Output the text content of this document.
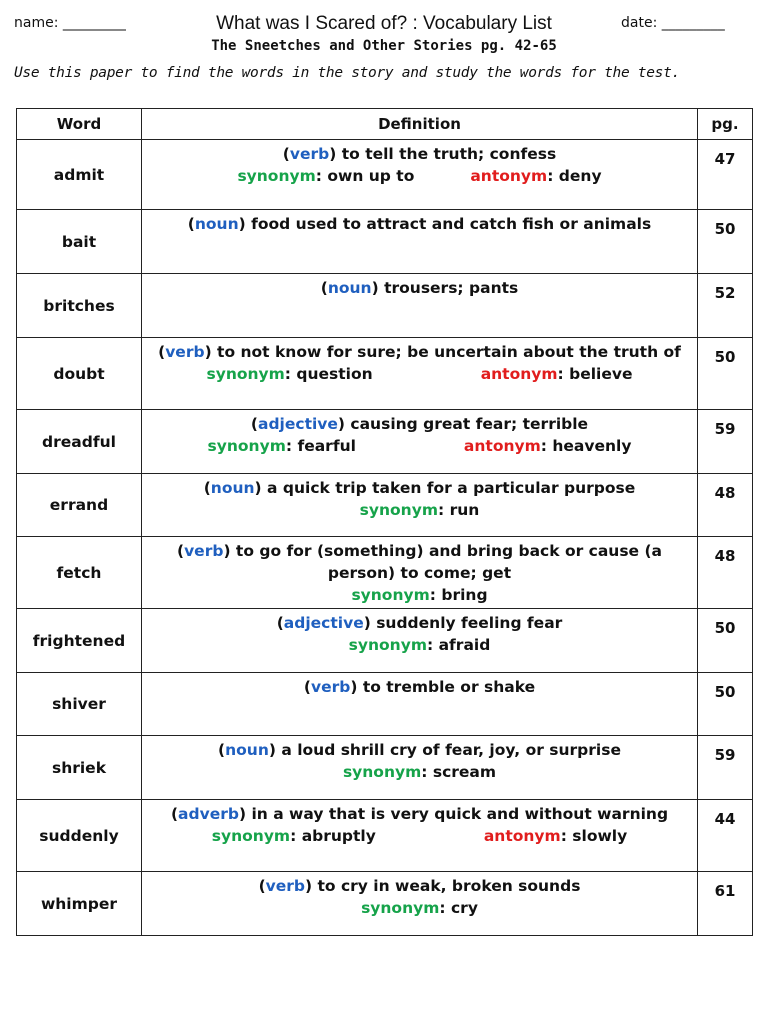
name: _________	What was I Scared of? : Vocabulary List	date: _________
The Sneetches and Other Stories pg. 42-65
Use this paper to find the words in the story and study the words for the test.
Word	Definition	pg.
admit	(verb) to tell the truth; confess
synonym: own up to antonym: deny	47
bait	(noun) food used to attract and catch fish or animals	50
britches	(noun) trousers; pants	52
doubt	(verb) to not know for sure; be uncertain about the truth of
synonym: question antonym: believe	50
dreadful	(adjective) causing great fear; terrible
synonym: fearful antonym: heavenly	59
errand	(noun) a quick trip taken for a particular purpose
synonym: run	48
fetch	(verb) to go for (something) and bring back or cause (a person) to come; get
synonym: bring	48
frightened	(adjective) suddenly feeling fear
synonym: afraid	50
shiver	(verb) to tremble or shake	50
shriek	(noun) a loud shrill cry of fear, joy, or surprise
synonym: scream	59
suddenly	(adverb) in a way that is very quick and without warning
synonym: abruptly antonym: slowly	44
whimper	(verb) to cry in weak, broken sounds
synonym: cry	61
